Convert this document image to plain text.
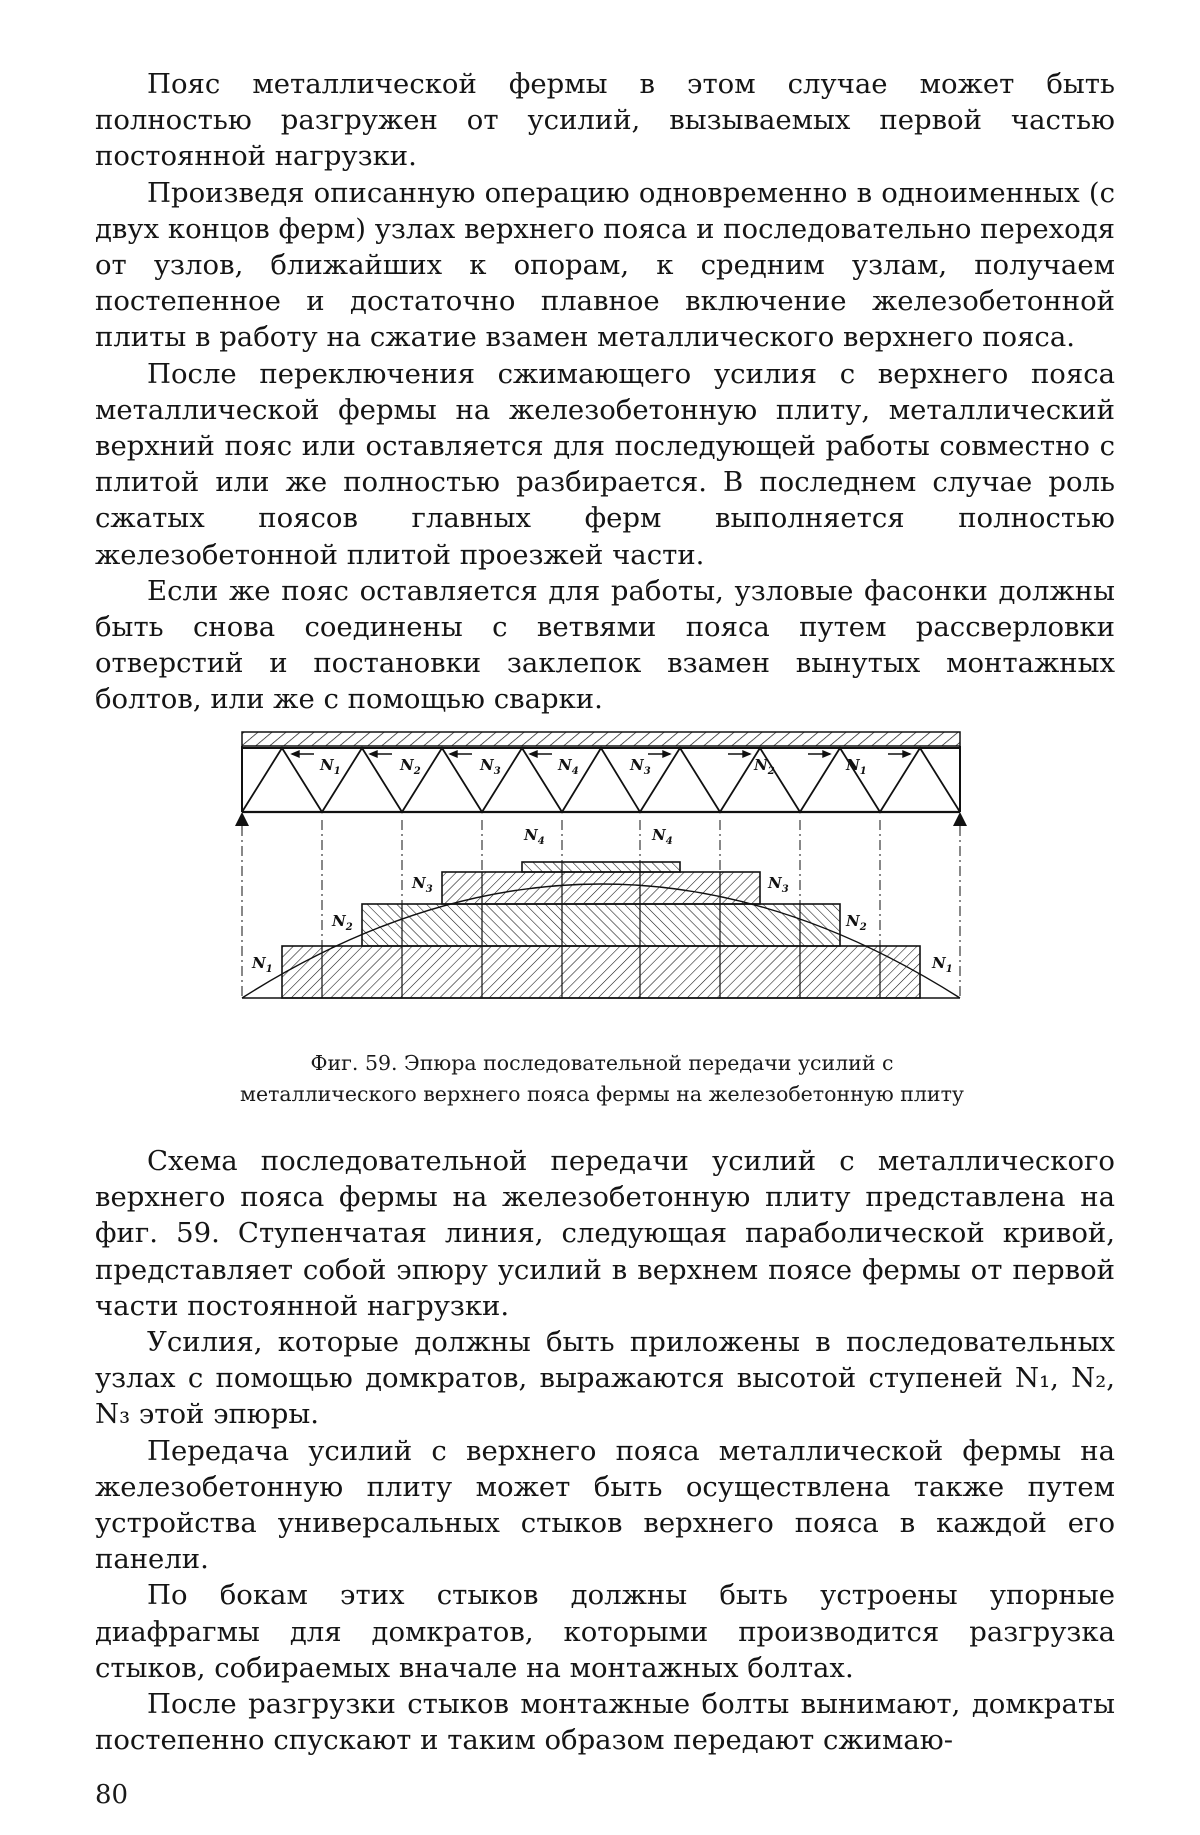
Пояс металлической фермы в этом случае может быть полностью разгружен от усилий, вызываемых первой частью постоянной нагрузки.

Произведя описанную операцию одновременно в одноименных (с двух концов ферм) узлах верхнего пояса и последовательно переходя от узлов, ближайших к опорам, к средним узлам, получаем постепенное и достаточно плавное включение железобетонной плиты в работу на сжатие взамен металлического верхнего пояса.

После переключения сжимающего усилия с верхнего пояса металлической фермы на железобетонную плиту, металлический верхний пояс или оставляется для последующей работы совместно с плитой или же полностью разбирается. В последнем случае роль сжатых поясов главных ферм выполняется полностью железобетонной плитой проезжей части.

Если же пояс оставляется для работы, узловые фасонки должны быть снова соединены с ветвями пояса путем рассверловки отверстий и постановки заклепок взамен вынутых монтажных болтов, или же с помощью сварки.

$N_1$	$N_2$	$N_3$	$N_4$	$N_3$	$N_2$	$N_1$
$N_1$
$N_2$
$N_3$
$N_4$	$N_4$
$N_3$
$N_2$
$N_1$
Фиг. 59. Эпюра последовательной передачи усилий с металлического верхнего пояса фермы на железобетонную плиту

Схема последовательной передачи усилий с металлического верхнего пояса фермы на железобетонную плиту представлена на фиг. 59. Ступенчатая линия, следующая параболической кривой, представляет собой эпюру усилий в верхнем поясе фермы от первой части постоянной нагрузки.

Усилия, которые должны быть приложены в последовательных узлах с помощью домкратов, выражаются высотой ступеней N₁, N₂, N₃ этой эпюры.

Передача усилий с верхнего пояса металлической фермы на железобетонную плиту может быть осуществлена также путем устройства универсальных стыков верхнего пояса в каждой его панели.

По бокам этих стыков должны быть устроены упорные диафрагмы для домкратов, которыми производится разгрузка стыков, собираемых вначале на монтажных болтах.

После разгрузки стыков монтажные болты вынимают, домкраты постепенно спускают и таким образом передают сжимаю-

80
